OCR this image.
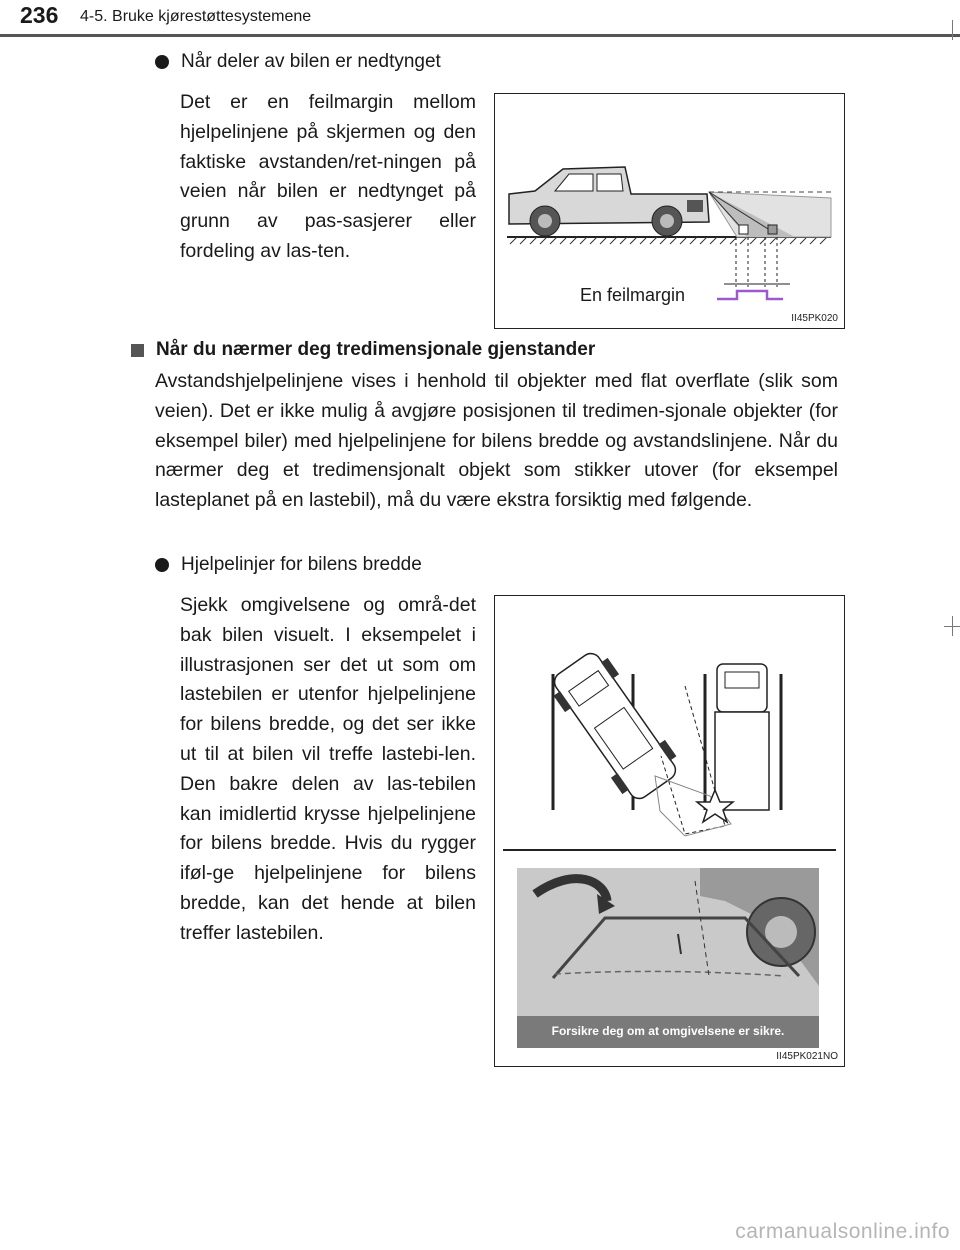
236 4-5. Bruke kjørestøttesystemene
Når deler av bilen er nedtynget
Det er en feilmargin mellom hjelpelinjene på skjermen og den faktiske avstanden/ret-ningen på veien når bilen er nedtynget på grunn av pas-sasjerer eller fordeling av las-ten.
En feilmargin
II45PK020
Når du nærmer deg tredimensjonale gjenstander
Avstandshjelpelinjene vises i henhold til objekter med flat overflate (slik som veien). Det er ikke mulig å avgjøre posisjonen til tredimen-sjonale objekter (for eksempel biler) med hjelpelinjene for bilens bredde og avstandslinjene. Når du nærmer deg et tredimensjonalt objekt som stikker utover (for eksempel lasteplanet på en lastebil), må du være ekstra forsiktig med følgende.
Hjelpelinjer for bilens bredde
Sjekk omgivelsene og områ-det bak bilen visuelt. I eksempelet i illustrasjonen ser det ut som om lastebilen er utenfor hjelpelinjene for bilens bredde, og det ser ikke ut til at bilen vil treffe lastebi-len. Den bakre delen av las-tebilen kan imidlertid krysse hjelpelinjene for bilens bredde. Hvis du rygger iføl-ge hjelpelinjene for bilens bredde, kan det hende at bilen treffer lastebilen.
Forsikre deg om at omgivelsene er sikre.
II45PK021NO
carmanualsonline.info
